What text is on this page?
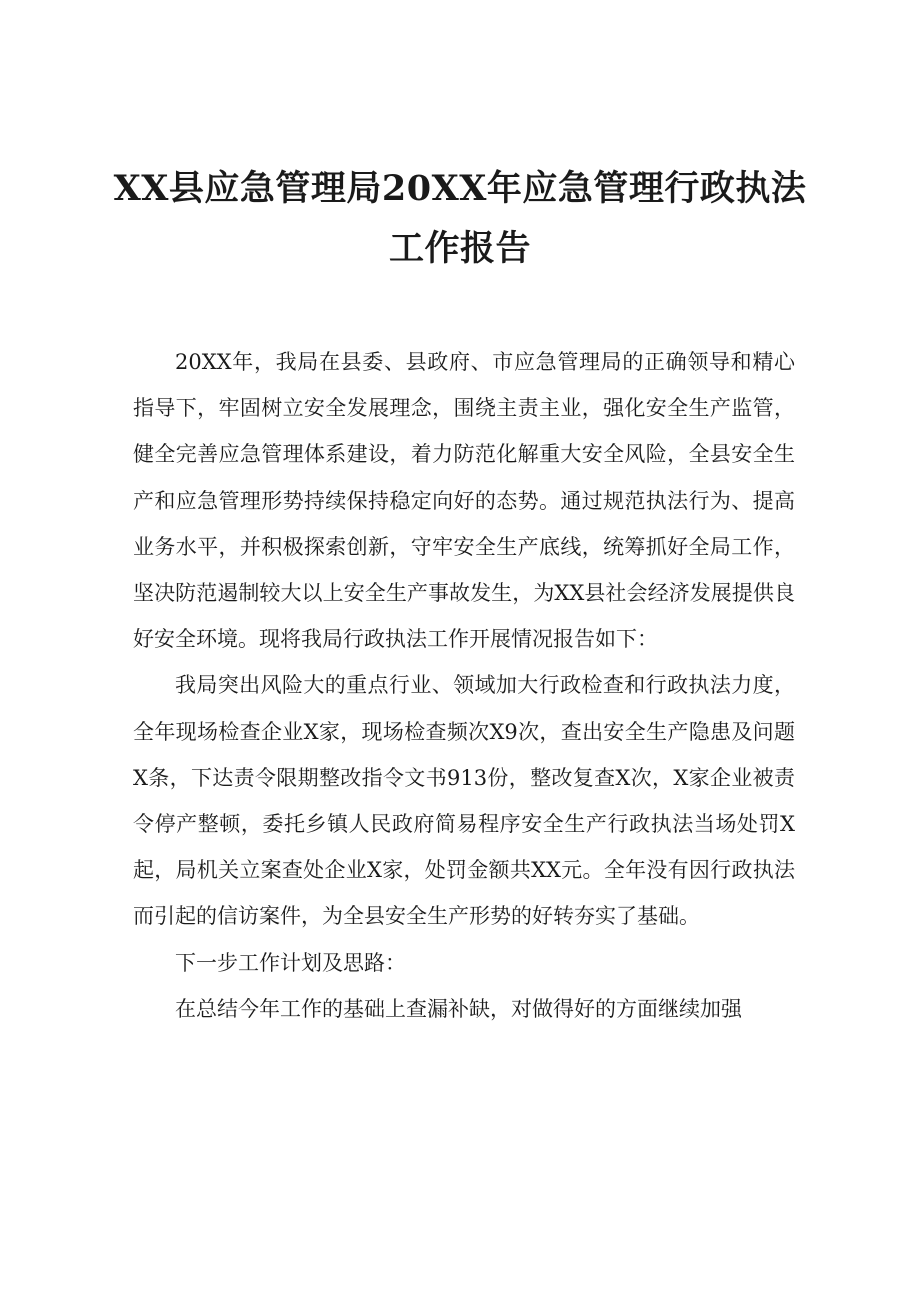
XX县应急管理局20XX年应急管理行政执法
工作报告

20XX年，我局在县委、县政府、市应急管理局的正确领导和精心指导下，牢固树立安全发展理念，围绕主责主业，强化安全生产监管，健全完善应急管理体系建设，着力防范化解重大安全风险，全县安全生产和应急管理形势持续保持稳定向好的态势。通过规范执法行为、提高业务水平，并积极探索创新，守牢安全生产底线，统筹抓好全局工作，坚决防范遏制较大以上安全生产事故发生，为XX县社会经济发展提供良好安全环境。现将我局行政执法工作开展情况报告如下：

我局突出风险大的重点行业、领域加大行政检查和行政执法力度，全年现场检查企业X家，现场检查频次X9次，查出安全生产隐患及问题X条，下达责令限期整改指令文书913份，整改复查X次，X家企业被责令停产整顿，委托乡镇人民政府简易程序安全生产行政执法当场处罚X起，局机关立案查处企业X家，处罚金额共XX元。全年没有因行政执法而引起的信访案件，为全县安全生产形势的好转夯实了基础。

下一步工作计划及思路：

在总结今年工作的基础上查漏补缺，对做得好的方面继续加强
